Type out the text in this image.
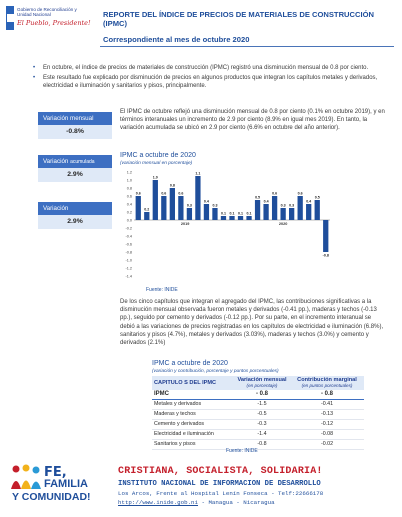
Gobierno de Reconciliación y Unidad Nacional
El Pueblo, Presidente!
REPORTE DEL ÍNDICE DE PRECIOS DE MATERIALES DE CONSTRUCCIÓN (IPMC)
Correspondiente al mes de octubre 2020
• En octubre, el índice de precios de materiales de construcción (IPMC) registró una disminución mensual de 0.8 por ciento.
• Este resultado fue explicado por disminución de precios en algunos productos que integran los capítulos metales y derivados, electricidad e iluminación y sanitarios y pisos, principalmente.
Variación mensual
-0.8%
Variación acumulada
2.9%
Variación
2.9%
El IPMC de octubre reflejó una disminución mensual de 0.8 por ciento (0.1% en octubre 2019), y en términos interanuales un incremento de 2.9 por ciento (8.9% en igual mes 2019). En tanto, la variación acumulada se ubicó en 2.9 por ciento (6.6% en octubre del año anterior).
IPMC a octubre de 2020
(variación mensual en porcentaje)
-1.4
-1.2
-1.0
-0.8
-0.6
-0.4
-0.2
0.0
0.2
0.4
0.6
0.8
1.0
1.2
0.6
0.2
1.0
0.6
0.8
0.6
0.3
1.1
0.4
0.3
0.1 0.1 0.1 0.1
0.5
0.4
0.6
0.3 0.3
0.6
0.4
0.5
-0.8
2019	2020
Fuente: INIDE
De los cinco capítulos que integran el agregado del IPMC, las contribuciones significativas a la disminución mensual observada fueron metales y derivados (-0.41 pp.), maderas y techos (-0.13 pp.), seguido por cemento y derivados (-0.12 pp.). Por su parte, en el incremento interanual se debió a las variaciones de precios registradas en los capítulos de electricidad e iluminación (6.8%), sanitarios y pisos (4.7%), metales y derivados (3.03%), maderas y techos (3.0%) y cemento y derivados (2.1%)
IPMC a octubre de 2020
(variación y contribución, porcentaje y puntos porcentuales)
CAPITULO S DEL IPMC	Variación mensual
(en porcentaje)	Contribución marginal
(en puntos porcentuales)
IPMC	- 0.8	- 0.8
Metales y derivados	-1.5	-0.41
Maderas y techos	-0.5	-0.13
Cemento y derivados	-0.3	-0.12
Electricidad e iluminación	-1.4	-0.08
Sanitarios y pisos	-0.8	-0.02
Fuente: INIDE
FE,
FAMILIA
Y COMUNIDAD!
CRISTIANA, SOCIALISTA, SOLIDARIA!
INSTITUTO NACIONAL DE INFORMACION DE DESARROLLO
Los Arcos, Frente al Hospital Lenín Fonseca - Telf:22666178
http://www.inide.gob.ni - Managua - Nicaragua
